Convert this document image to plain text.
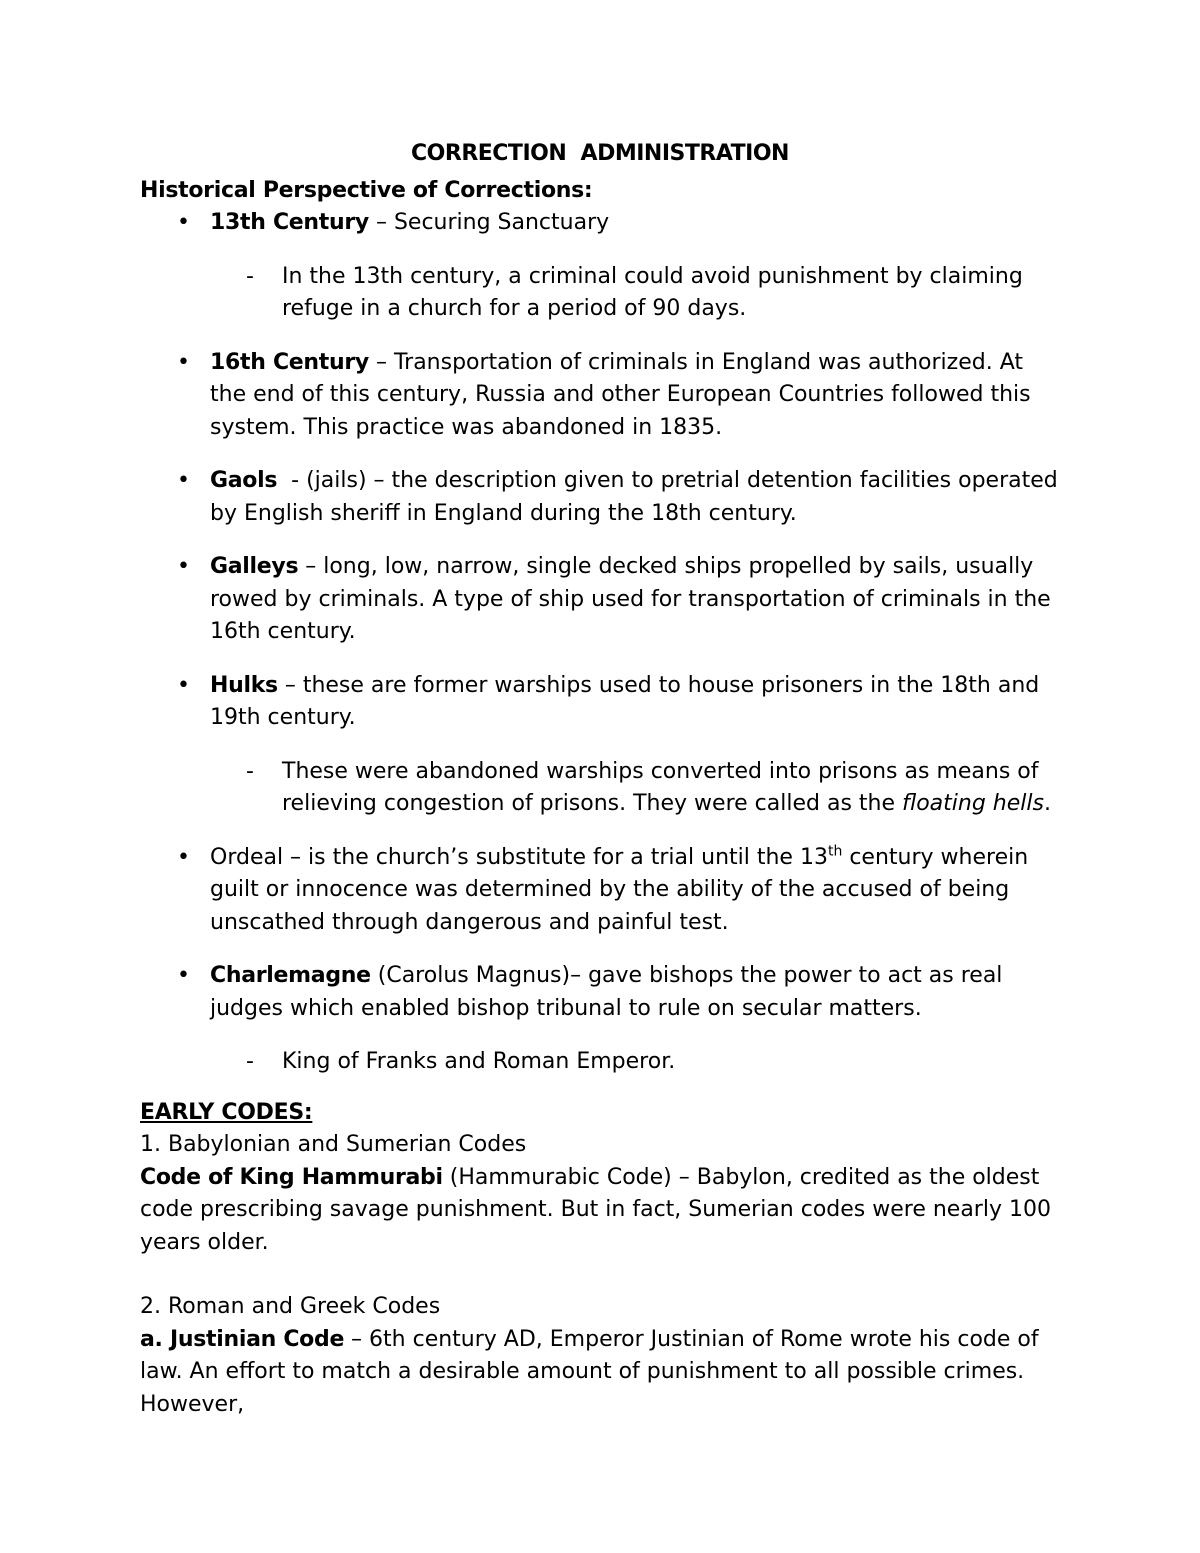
CORRECTION  ADMINISTRATION

Historical Perspective of Corrections:

• 13th Century – Securing Sanctuary

- In the 13th century, a criminal could avoid punishment by claiming refuge in a church for a period of 90 days.

• 16th Century – Transportation of criminals in England was authorized. At the end of this century, Russia and other European Countries followed this system. This practice was abandoned in 1835.

• Gaols  - (jails) – the description given to pretrial detention facilities operated by English sheriff in England during the 18th century.

• Galleys – long, low, narrow, single decked ships propelled by sails, usually rowed by criminals. A type of ship used for transportation of criminals in the 16th century.

• Hulks – these are former warships used to house prisoners in the 18th and 19th century.

- These were abandoned warships converted into prisons as means of relieving congestion of prisons. They were called as the floating hells.

• Ordeal – is the church’s substitute for a trial until the 13th century wherein guilt or innocence was determined by the ability of the accused of being unscathed through dangerous and painful test.

• Charlemagne (Carolus Magnus)– gave bishops the power to act as real judges which enabled bishop tribunal to rule on secular matters.

- King of Franks and Roman Emperor.

EARLY CODES:

1. Babylonian and Sumerian Codes

Code of King Hammurabi (Hammurabic Code) – Babylon, credited as the oldest code prescribing savage punishment. But in fact, Sumerian codes were nearly 100 years older.

2. Roman and Greek Codes

a. Justinian Code – 6th century AD, Emperor Justinian of Rome wrote his code of law. An effort to match a desirable amount of punishment to all possible crimes. However,
